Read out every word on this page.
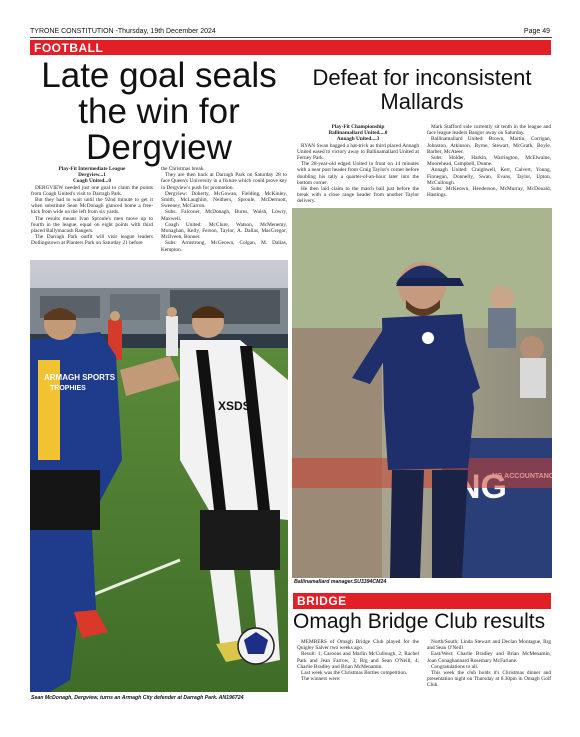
TYRONE CONSTITUTION -Thursday, 19th December 2024	Page 49
FOOTBALL
Late goal seals the win for Dergview

Play-Fit Intermediate League

Dergview...1

Coagh United...0

DERGVIEW needed just one goal to claim the points from Coagh United's visit to Darragh Park.

But they had to wait until the 92nd minute to get it when substitute Sean McDonagh glanced home a free-kick from wide on the left from six yards.

The results means Ivan Sproule's men move up to fourth in the league, equal on eight points with third placed Ballymacash Rangers.

The Darragh Park outfit will visit league leaders Dollingstown at Planters Park on Saturday 21 before

the Christmas break.

They are then back at Darragh Park on Saturday 28 to face Queen's University in a fixture which could prove key in Dergview's push for promotion.

Dergview: Doherty, McGowan, Fielding, McKinley, Smith, McLaughlin, Neithers, Sproule, McDermott, Sweeney, McCarron.

Subs: Falconer, McDonagh, Burns, Walsh, Lowry, Maxwell.

Coagh United: McClure, Watson, McMenemy, Monaghan, Kelly, Ferson, Taylor, A. Dallas, MacGregor, McIlveen, Bonner.

Subs: Armstrong, McGeown, Colgan, M. Dallas, Kempton.

ARMAGH SPORTS
TROPHIES
XSDS
Sean McDonagh, Dergview, turns an Armagh City defender at Darragh Park. AN196724
Defeat for inconsistent Mallards

Play-Fit Championship

Ballinamallard United....0

Annagh United....3

RYAN Swan bagged a hat-trick as third placed Annagh United eased to victory away to Ballinamallard United at Ferney Park.

The 28-year-old edged United in front on 14 minutes with a near post header from Craig Taylor's corner before doubling his tally a quarter-of-an-hour later into the bottom corner.

He then laid claim to the match ball just before the break with a close range header from another Taylor delivery.

Mark Stafford side currently sit tenth in the league and face league leaders Bangor away on Saturday.

Ballinamallard United: Brown, Martin, Corrigan, Johnston, Atkinson, Byrne, Stewart, McGrath, Boyle, Barber, McAteer.

Subs: Holder, Harkin, Warrington, McElwaine, Moorehead, Campbell, Dunne.

Annagh United: Craighwell, Kerr, Calvert, Young, Finnegan, Donnelly, Swan, Evans, Taylor, Upton, McCullough.

Subs: McKeown, Henderson, McMurray, McDonald, Hastings.

Ballinamallard manager.SU3394CM24
BRIDGE
Omagh Bridge Club results

MEMBERS of Omagh Bridge Club played for the Quigley Salver two weeks ago.

Result: 1; Caroons and Marlin McCullough, 2; Rachel Park and Jean Farrow, 3; Brg and Sean O'Neill, 4; Charlie Bradley and Brian McMenamin.

Last week was the Christmas Bottles competition.

The winners were:

North/South; Linda Stewart and Declan Montague, Brg and Sean O'Neill

East/West: Charlie Bradley and Brian McMenamin, Joan Conaghannard Rosemary McFarlane.

Congratulations to all.

This week the club holds it's Christmas dinner and presentation night on Thursday at 6.30pm in Omagh Golf Club.
